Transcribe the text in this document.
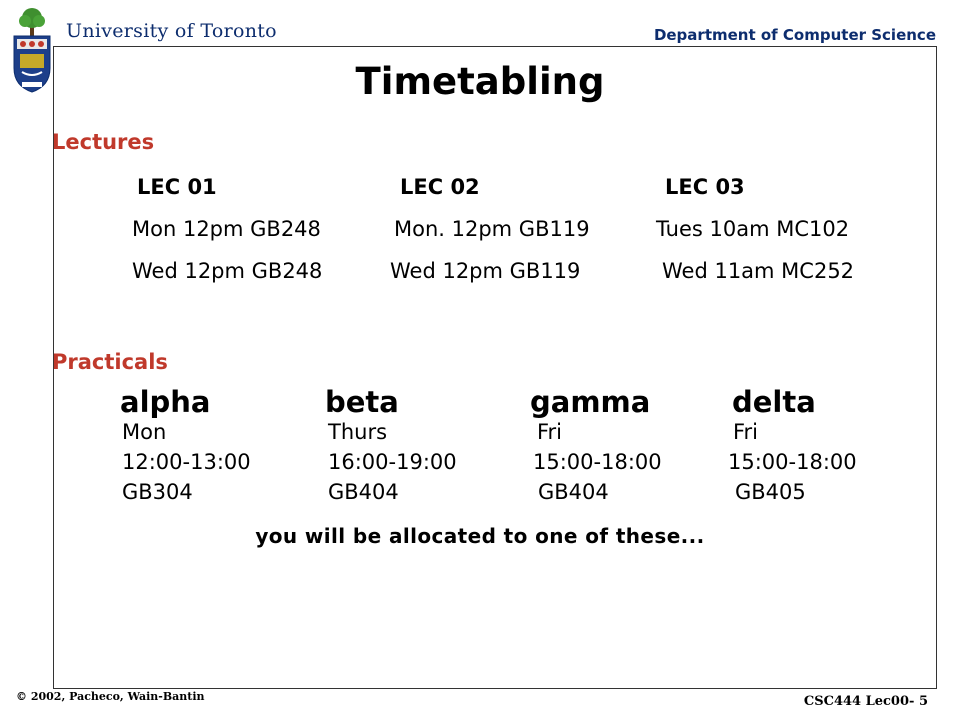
University of Toronto	Department of Computer Science
Timetabling
Lectures
LEC 01	LEC 02	LEC 03
Mon 12pm GB248	Mon. 12pm GB119	Tues 10am MC102
Wed 12pm GB248	Wed 12pm GB119	Wed 11am MC252
Practicals
alpha	beta	gamma	delta
Mon	Thurs	Fri	Fri
12:00-13:00	16:00-19:00	15:00-18:00	15:00-18:00
GB304	GB404	GB404	GB405
you will be allocated to one of these...
© 2002, Pacheco, Wain-Bantin	CSC444 Lec00- 5
